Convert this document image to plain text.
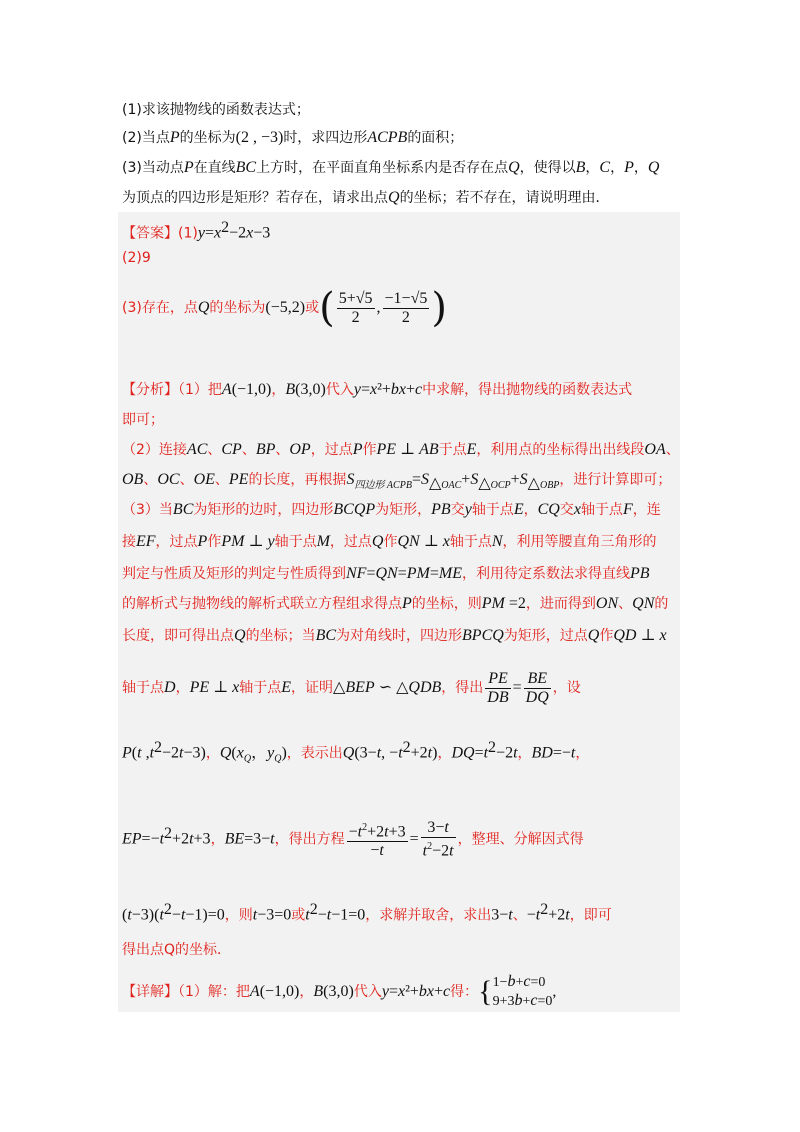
(1)求该抛物线的函数表达式；
(2)当点P的坐标为(2 , −3)时，求四边形ACPB的面积；
(3)当动点P在直线BC上方时，在平面直角坐标系内是否存在点Q，使得以B，C，P，Q
为顶点的四边形是矩形？若存在，请求出点Q的坐标；若不存在，请说明理由．
【答案】$(1)y=x^2-2x-3$
(2)9
(3)存在，点Q的坐标为(−5,2)或( $\frac{5+√5}{2}$ , $\frac{-1-√5}{2}$ )
【分析】（1）把A(−1,0)，B(3,0)代入y=x²+bx+c中求解，得出抛物线的函数表达式
即可；
（2）连接AC、CP、BP、OP，过点P作PE ⊥ AB于点E，利用点的坐标得出出线段OA、
OB、OC、OE、PE的长度，再根据$S_{四边形 ACPB}=S_{\triangle OAC}+S_{\triangle OCP}+S_{\triangle OBP}$，进行计算即可；
（3）当BC为矩形的边时，四边形BCQP为矩形，PB交y轴于点E，CQ交x轴于点F，连
接EF，过点P作PM ⊥ y轴于点M，过点Q作QN ⊥ x轴于点N，利用等腰直角三角形的
判定与性质及矩形的判定与性质得到NF=QN=PM=ME，利用待定系数法求得直线PB
的解析式与抛物线的解析式联立方程组求得点P的坐标，则PM =2，进而得到ON、QN的
长度，即可得出点Q的坐标；当BC为对角线时，四边形BPCQ为矩形，过点Q作QD ⊥ x
轴于点D，PE ⊥ x轴于点E，证明△BEP ∽ △QDB，得出 $\frac{PE}{DB} = \frac{BE}{DQ}$ ，设
P(t $,t^2-2t-3$)，$Q(x_Q$，$y_Q$)，表示出Q(3−t, $-t^2+2t$)，$DQ=t^2-2t$，BD=−t，
$EP=-t^2+2t+3$，BE=3−t，得出方程 $\frac{-t^2+2t+3}{-t} = \frac{3-t}{t^2-2t}$ ，整理、分解因式得
$(t-3)(t^2-t-1)=0$，则t−3=0或$t^2-t-1=0$，求解并取舍，求出3−t、$-t^2+2t$，即可
得出点Q的坐标．
【详解】（1）解：把A(−1,0)，B(3,0)代入y=x²+bx+c得：{ 1−b+c=0
9+3b+c=0
,
